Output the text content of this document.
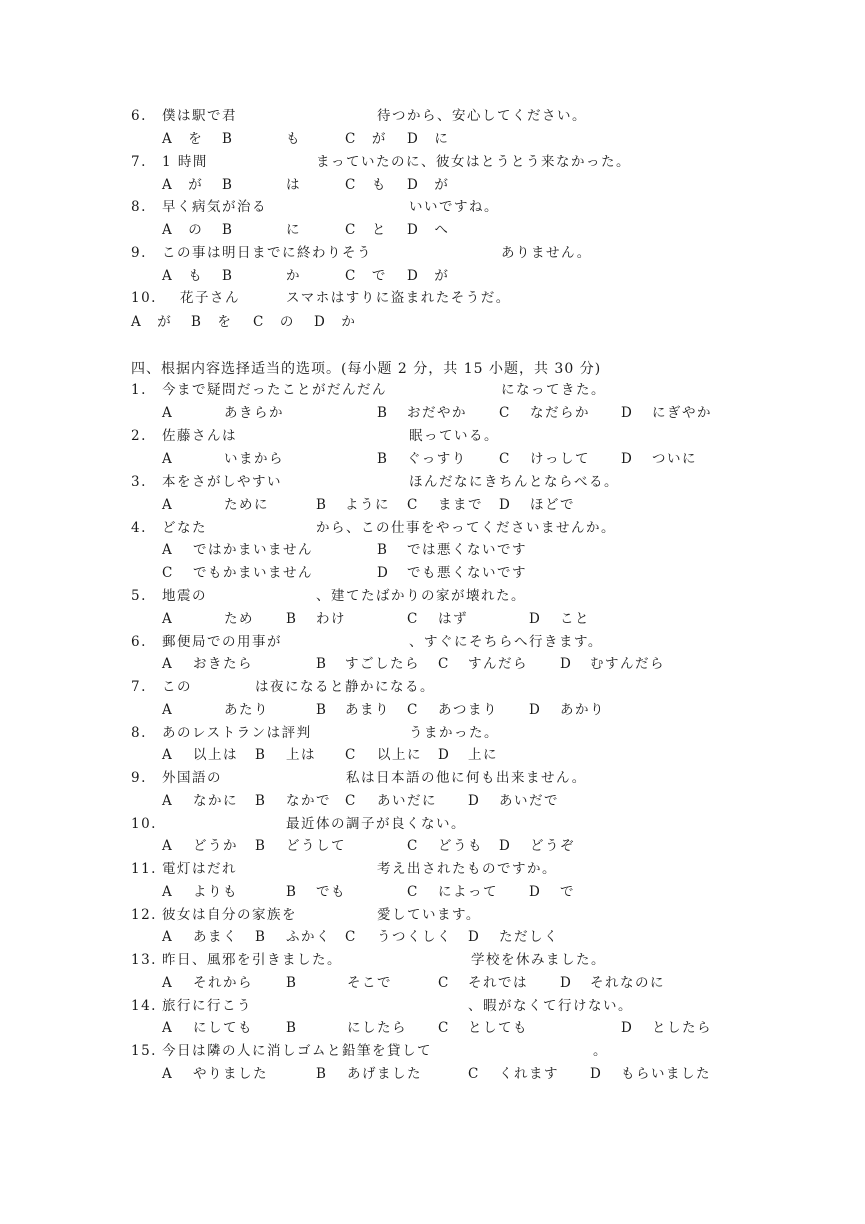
6. 僕は駅で君	待つから、安心してください。
A　を B	も	C　が D　に
7. 1 時間	まっていたのに、彼女はとうとう来なかった。
A　が B	は	C　も D　が
8. 早く病気が治る	いいですね。
A　の B	に	C　と D　へ
9. この事は明日までに終わりそう	ありません。
A　も B	か	C　で D　が
10. 花子さん	スマホはすりに盗まれたそうだ。
A　が B　を C　の D　か
四、根据内容选择适当的选项。(每小题 2 分，共 15 小题，共 30 分)
1. 今まで疑問だったことがだんだん	になってきた。
A	あきらか	B おだやか C なだらか D にぎやか
2. 佐藤さんは	眠っている。
A	いまから	B ぐっすり C けっして D ついに
3. 本をさがしやすい	ほんだなにきちんとならべる。
A	ために	B ように C ままで D ほどで
4. どなた	から、この仕事をやってくださいませんか。
A ではかまいません	B では悪くないです
C でもかまいません	D でも悪くないです
5. 地震の	、建てたばかりの家が壊れた。
A	ため B わけ	C はず	D こと
6. 郵便局での用事が	、すぐにそちらへ行きます。
A おきたら	B すごしたら C すんだら D むすんだら
7. この	は夜になると静かになる。
A	あたり	B あまり C あつまり D あかり
8. あのレストランは評判	うまかった。
A 以上は B 上は C 以上に D 上に
9. 外国語の	私は日本語の他に何も出来ません。
A なかに B なかで C あいだに D あいだで
10.	最近体の調子が良くない。
A どうか B どうして	C どうも D どうぞ
11. 電灯はだれ	考え出されたものですか。
A よりも	B でも	C によって D で
12. 彼女は自分の家族を	愛しています。
A あまく B ふかく C うつくしく D ただしく
13. 昨日、風邪を引きました。	学校を休みました。
A それから B	そこで	C それでは D それなのに
14. 旅行に行こう	、暇がなくて行けない。
A にしても B	にしたら C としても	D としたら
15. 今日は隣の人に消しゴムと鉛筆を貸して	。
A やりました	B あげました	C くれます D もらいました
